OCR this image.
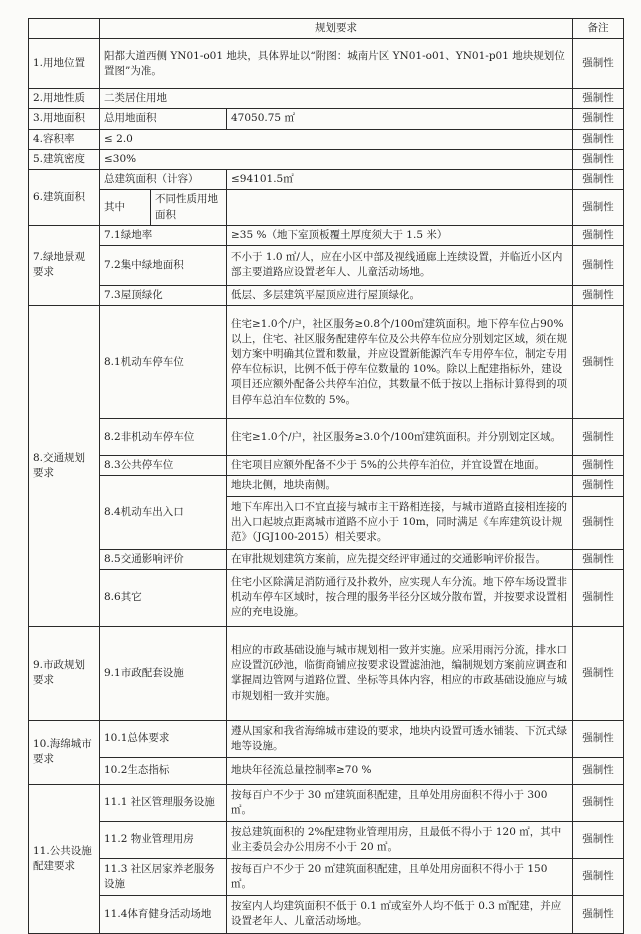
	规划要求			备注
1.用地位置	阳都大道西侧 YN01-o01 地块，具体界址以“附图：城南片区 YN01-o01、YN01-p01 地块规划位置图”为准。			强制性
2.用地性质	二类居住用地			强制性
3.用地面积	总用地面积		47050.75 ㎡	强制性
4.容积率	≤ 2.0			强制性
5.建筑密度	≤30%			强制性
6.建筑面积	总建筑面积（计容）		≤94101.5㎡	强制性
	其中	不同性质用地面积		强制性
7.绿地景观要求	7.1绿地率		≥35 %（地下室顶板覆土厚度须大于 1.5 米）	强制性
	7.2集中绿地面积		不小于 1.0 ㎡/人，应在小区中部及视线通廊上连续设置，并临近小区内部主要道路应设置老年人、儿童活动场地。	强制性
	7.3屋顶绿化		低层、多层建筑平屋顶应进行屋顶绿化。	强制性
8.交通规划要求	8.1机动车停车位		住宅≥1.0个/户，社区服务≥0.8个/100㎡建筑面积。地下停车位占90%以上，住宅、社区服务配建停车位及公共停车位应分别划定区域，须在规划方案中明确其位置和数量，并应设置新能源汽车专用停车位，制定专用停车位标识，比例不低于停车位数量的 10%。除以上配建指标外，建设项目还应额外配备公共停车泊位，其数量不低于按以上指标计算得到的项目停车总泊车位数的 5%。	强制性
	8.2非机动车停车位		住宅≥1.0个/户，社区服务≥3.0个/100㎡建筑面积。并分别划定区域。	强制性
	8.3公共停车位		住宅项目应额外配备不少于 5%的公共停车泊位，并宜设置在地面。	强制性
	8.4机动车出入口		地块北侧，地块南侧。	强制性
			地下车库出入口不宜直接与城市主干路相连接，与城市道路直接相连接的出入口起坡点距离城市道路不应小于 10m，同时满足《车库建筑设计规范》（JGJ100-2015）相关要求。	强制性
	8.5交通影响评价		在审批规划建筑方案前，应先提交经评审通过的交通影响评价报告。	强制性
	8.6其它		住宅小区除满足消防通行及扑救外，应实现人车分流。地下停车场设置非机动车停车区域时，按合理的服务半径分区域分散布置，并按要求设置相应的充电设施。	强制性
9.市政规划要求	9.1市政配套设施		相应的市政基础设施与城市规划相一致并实施。应采用雨污分流，排水口应设置沉砂池，临街商铺应按要求设置滤油池，编制规划方案前应调查和掌握周边管网与道路位置、坐标等具体内容，相应的市政基础设施应与城市规划相一致并实施。	强制性
10.海绵城市要求	10.1总体要求		遵从国家和我省海绵城市建设的要求，地块内设置可透水铺装、下沉式绿地等设施。	强制性
	10.2生态指标		地块年径流总量控制率≥70 %	强制性
11.公共设施配建要求	11.1 社区管理服务设施		按每百户不少于 30 ㎡建筑面积配建，且单处用房面积不得小于 300 ㎡。	强制性
	11.2 物业管理用房		按总建筑面积的 2%配建物业管理用房，且最低不得小于 120 ㎡，其中业主委员会办公用房不小于 20 ㎡。	强制性
	11.3 社区居家养老服务设施		按每百户不少于 20 ㎡建筑面积配建，且单处用房面积不得小于 150 ㎡。	强制性
	11.4体育健身活动场地		按室内人均建筑面积不低于 0.1 ㎡或室外人均不低于 0.3 ㎡配建，并应设置老年人、儿童活动场地。	强制性
